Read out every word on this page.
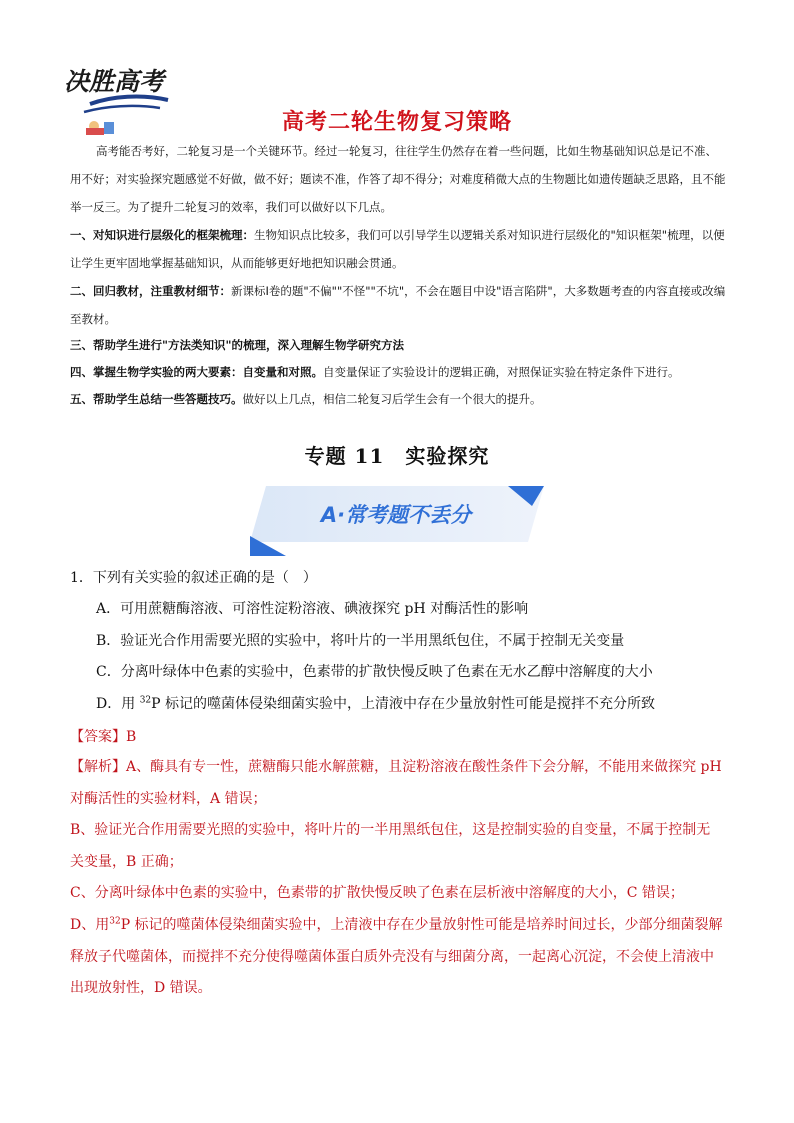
决胜高考
高考二轮生物复习策略

高考能否考好，二轮复习是一个关键环节。经过一轮复习，往往学生仍然存在着一些问题，比如生物基础知识总是记不准、用不好；对实验探究题感觉不好做，做不好；题读不准，作答了却不得分；对难度稍微大点的生物题比如遗传题缺乏思路，且不能举一反三。为了提升二轮复习的效率，我们可以做好以下几点。

一、对知识进行层级化的框架梳理：生物知识点比较多，我们可以引导学生以逻辑关系对知识进行层级化的"知识框架"梳理，以便让学生更牢固地掌握基础知识，从而能够更好地把知识融会贯通。

二、回归教材，注重教材细节：新课标Ⅰ卷的题"不偏""不怪""不坑"，不会在题目中设"语言陷阱"，大多数题考查的内容直接或改编至教材。

三、帮助学生进行"方法类知识"的梳理，深入理解生物学研究方法

四、掌握生物学实验的两大要素：自变量和对照。自变量保证了实验设计的逻辑正确，对照保证实验在特定条件下进行。

五、帮助学生总结一些答题技巧。做好以上几点，相信二轮复习后学生会有一个很大的提升。

专题 11　实验探究
A·常考题不丢分
1．下列有关实验的叙述正确的是（　）
A．可用蔗糖酶溶液、可溶性淀粉溶液、碘液探究 pH 对酶活性的影响
B．验证光合作用需要光照的实验中，将叶片的一半用黑纸包住，不属于控制无关变量
C．分离叶绿体中色素的实验中，色素带的扩散快慢反映了色素在无水乙醇中溶解度的大小
D．用 $^{32}$P 标记的噬菌体侵染细菌实验中，上清液中存在少量放射性可能是搅拌不充分所致
【答案】B

【解析】A、酶具有专一性，蔗糖酶只能水解蔗糖，且淀粉溶液在酸性条件下会分解，不能用来做探究 pH 对酶活性的实验材料，A 错误；

B、验证光合作用需要光照的实验中，将叶片的一半用黑纸包住，这是控制实验的自变量，不属于控制无关变量，B 正确；

C、分离叶绿体中色素的实验中，色素带的扩散快慢反映了色素在层析液中溶解度的大小，C 错误；

D、用$^{32}$P 标记的噬菌体侵染细菌实验中，上清液中存在少量放射性可能是培养时间过长，少部分细菌裂解释放子代噬菌体，而搅拌不充分使得噬菌体蛋白质外壳没有与细菌分离，一起离心沉淀，不会使上清液中出现放射性，D 错误。
